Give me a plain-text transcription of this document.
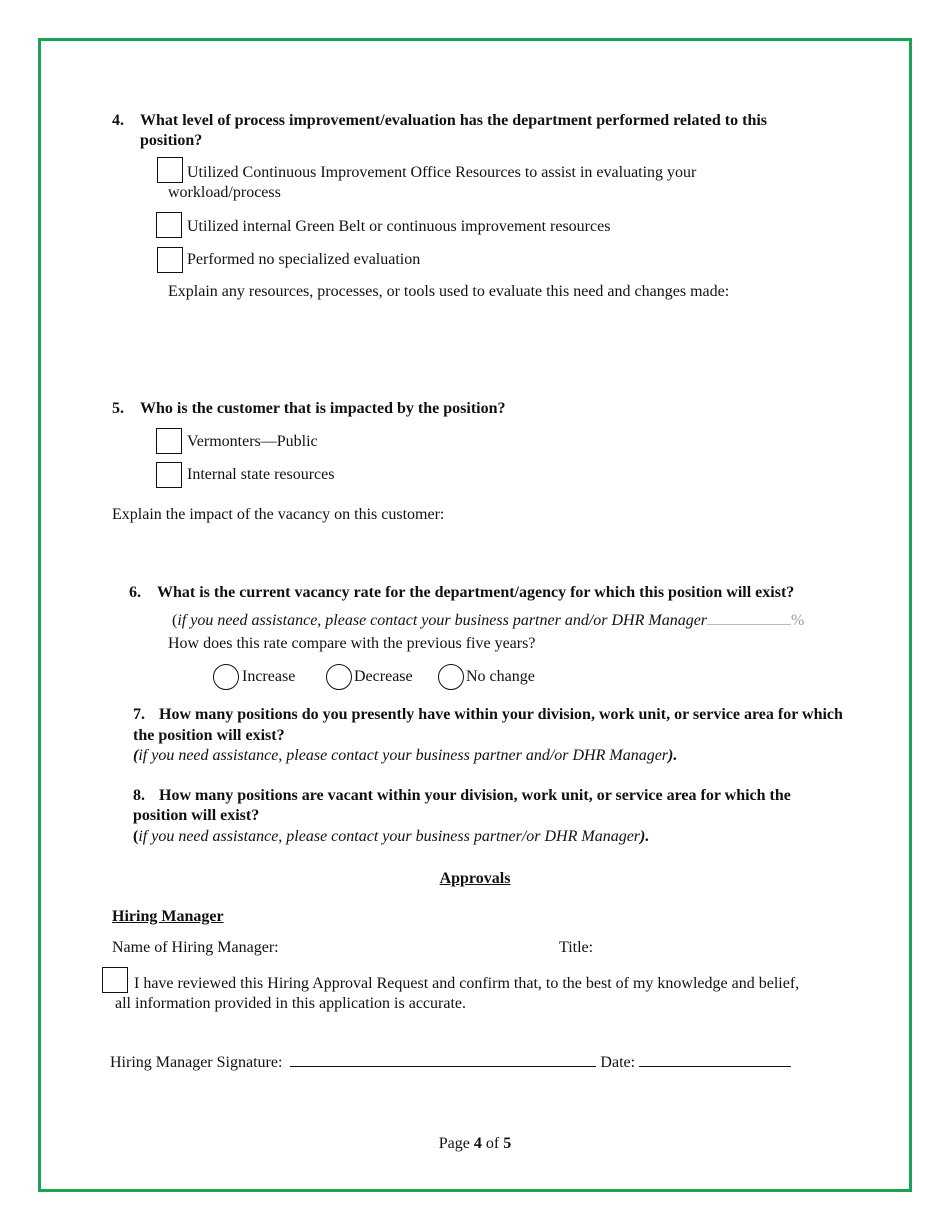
4. What level of process improvement/evaluation has the department performed related to this
position?
Utilized Continuous Improvement Office Resources to assist in evaluating your
workload/process
Utilized internal Green Belt or continuous improvement resources
Performed no specialized evaluation
Explain any resources, processes, or tools used to evaluate this need and changes made:
5. Who is the customer that is impacted by the position?
Vermonters—Public
Internal state resources
Explain the impact of the vacancy on this customer:
6. What is the current vacancy rate for the department/agency for which this position will exist?
(if you need assistance, please contact your business partner and/or DHR Manager	%
How does this rate compare with the previous five years?
Increase	Decrease	No change
7. How many positions do you presently have within your division, work unit, or service area for which
the position will exist?
(if you need assistance, please contact your business partner and/or DHR Manager).
8. How many positions are vacant within your division, work unit, or service area for which the
position will exist?
(if you need assistance, please contact your business partner/or DHR Manager).
Approvals
Hiring Manager
Name of Hiring Manager:	Title:
I have reviewed this Hiring Approval Request and confirm that, to the best of my knowledge and belief,
all information provided in this application is accurate.
Hiring Manager Signature:	Date:
Page 4 of 5
